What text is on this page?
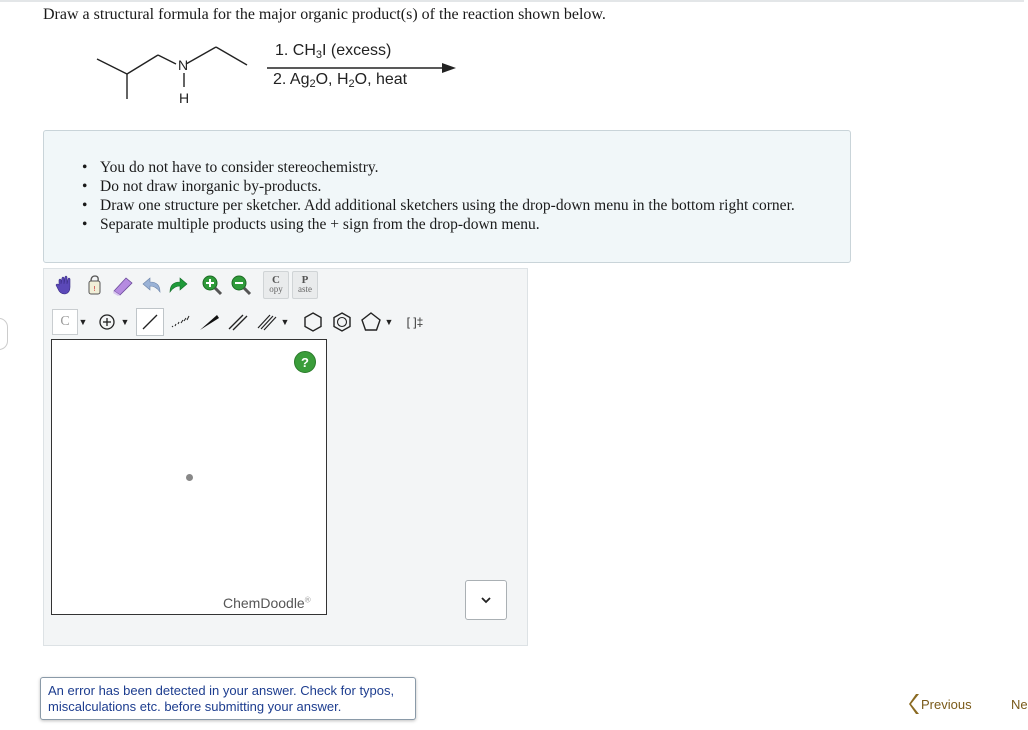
Draw a structural formula for the major organic product(s) of the reaction shown below.
N
H
1. $CH_3I$ (excess)
2. $Ag_2O$, $H_2O$, heat
• You do not have to consider stereochemistry.
• Do not draw inorganic by-products.
• Draw one structure per sketcher. Add additional sketchers using the drop-down menu in the bottom right corner.
• Separate multiple products using the + sign from the drop-down menu.
!
C
opy
P
aste
C ▼	▼	▼	▼	[ ]‡
?
ChemDoodle®
An error has been detected in your answer. Check for typos, miscalculations etc. before submitting your answer.	Previous	Ne
